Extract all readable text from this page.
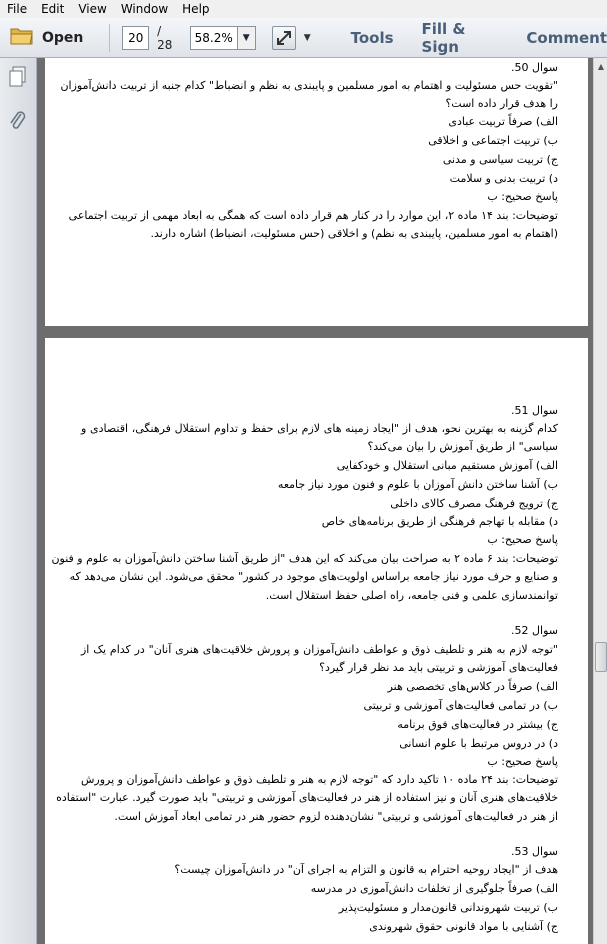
File	Edit	View	Window	Help
Open	20	/ 28	58.2%	▼	▼	Tools Fill & Sign	Comment
سوال 50.
"تقویت حس مسئولیت و اهتمام به امور مسلمین و پایبندی به نظم و انضباط" کدام جنبه از تربیت دانش‌آموزان
را هدف قرار داده است؟
الف) صرفاً تربیت عبادی
ب) تربیت اجتماعی و اخلاقی
ج) تربیت سیاسی و مدنی
د) تربیت بدنی و سلامت
پاسخ صحیح: ب
توضیحات: بند ۱۴ ماده ۲، این موارد را در کنار هم قرار داده است که همگی به ابعاد مهمی از تربیت اجتماعی
(اهتمام به امور مسلمین، پایبندی به نظم) و اخلاقی (حس مسئولیت، انضباط) اشاره دارند.
سوال 51.
کدام گزینه به بهترین نحو، هدف از "ایجاد زمینه های لازم برای حفظ و تداوم استقلال فرهنگی، اقتصادی و
سیاسی" از طریق آموزش را بیان می‌کند؟
الف) آموزش مستقیم مبانی استقلال و خودکفایی
ب) آشنا ساختن دانش آموزان با علوم و فنون مورد نیاز جامعه
ج) ترویج فرهنگ مصرف کالای داخلی
د) مقابله با تهاجم فرهنگی از طریق برنامه‌های خاص
پاسخ صحیح: ب
توضیحات: بند ۶ ماده ۲ به صراحت بیان می‌کند که این هدف "از طریق آشنا ساختن دانش‌آموزان به علوم و فنون
و صنایع و حرف مورد نیاز جامعه براساس اولویت‌های موجود در کشور" محقق می‌شود. این نشان می‌دهد که
توانمندسازی علمی و فنی جامعه، راه اصلی حفظ استقلال است.
سوال 52.
"توجه لازم به هنر و تلطیف ذوق و عواطف دانش‌آموزان و پرورش خلاقیت‌های هنری آنان" در کدام یک از
فعالیت‌های آموزشی و تربیتی باید مد نظر قرار گیرد؟
الف) صرفاً در کلاس‌های تخصصی هنر
ب) در تمامی فعالیت‌های آموزشی و تربیتی
ج) بیشتر در فعالیت‌های فوق برنامه
د) در دروس مرتبط با علوم انسانی
پاسخ صحیح: ب
توضیحات: بند ۲۴ ماده ۱۰ تاکید دارد که "توجه لازم به هنر و تلطیف ذوق و عواطف دانش‌آموزان و پرورش
خلاقیت‌های هنری آنان و نیز استفاده از هنر در فعالیت‌های آموزشی و تربیتی" باید صورت گیرد. عبارت "استفاده
از هنر در فعالیت‌های آموزشی و تربیتی" نشان‌دهنده لزوم حضور هنر در تمامی ابعاد آموزش است.
سوال 53.
هدف از "ایجاد روحیه احترام به قانون و التزام به اجرای آن" در دانش‌آموزان چیست؟
الف) صرفاً جلوگیری از تخلفات دانش‌آموزی در مدرسه
ب) تربیت شهروندانی قانون‌مدار و مسئولیت‌پذیر
ج) آشنایی با مواد قانونی حقوق شهروندی
▲
